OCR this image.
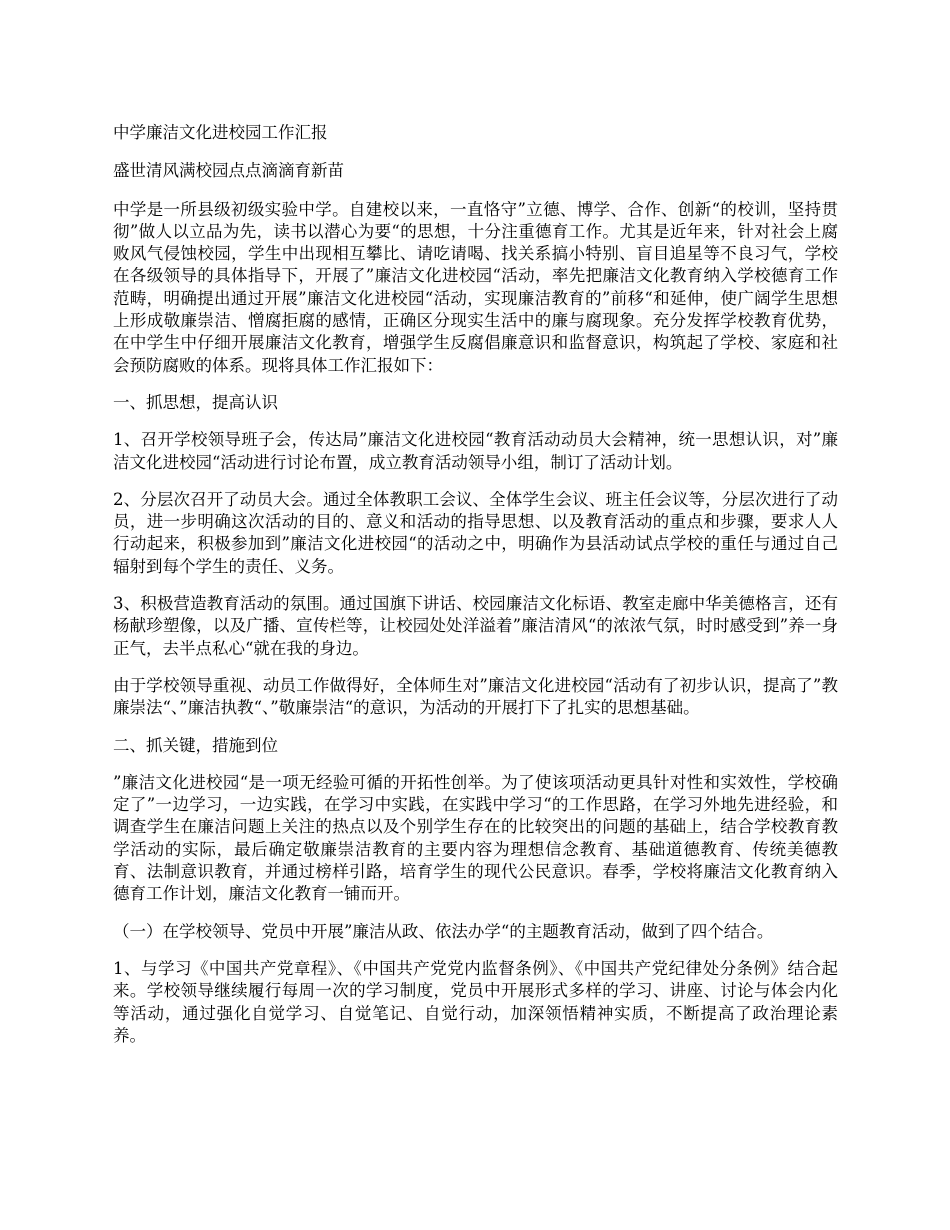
中学廉洁文化进校园工作汇报

盛世清风满校园点点滴滴育新苗

中学是一所县级初级实验中学。自建校以来，一直恪守”立德、博学、合作、创新“的校训，坚持贯彻”做人以立品为先，读书以潜心为要“的思想，十分注重德育工作。尤其是近年来，针对社会上腐败风气侵蚀校园，学生中出现相互攀比、请吃请喝、找关系搞小特别、盲目追星等不良习气，学校在各级领导的具体指导下，开展了”廉洁文化进校园“活动，率先把廉洁文化教育纳入学校德育工作范畴，明确提出通过开展”廉洁文化进校园“活动，实现廉洁教育的”前移“和延伸，使广阔学生思想上形成敬廉崇洁、憎腐拒腐的感情，正确区分现实生活中的廉与腐现象。充分发挥学校教育优势，在中学生中仔细开展廉洁文化教育，增强学生反腐倡廉意识和监督意识，构筑起了学校、家庭和社会预防腐败的体系。现将具体工作汇报如下：

一、抓思想，提高认识

1、召开学校领导班子会，传达局”廉洁文化进校园“教育活动动员大会精神，统一思想认识，对”廉洁文化进校园“活动进行讨论布置，成立教育活动领导小组，制订了活动计划。

2、分层次召开了动员大会。通过全体教职工会议、全体学生会议、班主任会议等，分层次进行了动员，进一步明确这次活动的目的、意义和活动的指导思想、以及教育活动的重点和步骤，要求人人行动起来，积极参加到”廉洁文化进校园“的活动之中，明确作为县活动试点学校的重任与通过自己辐射到每个学生的责任、义务。

3、积极营造教育活动的氛围。通过国旗下讲话、校园廉洁文化标语、教室走廊中华美德格言，还有杨献珍塑像，以及广播、宣传栏等，让校园处处洋溢着”廉洁清风“的浓浓气氛，时时感受到”养一身正气，去半点私心“就在我的身边。

由于学校领导重视、动员工作做得好，全体师生对”廉洁文化进校园“活动有了初步认识，提高了”教廉崇法“、”廉洁执教“、”敬廉崇洁“的意识，为活动的开展打下了扎实的思想基础。

二、抓关键，措施到位

”廉洁文化进校园“是一项无经验可循的开拓性创举。为了使该项活动更具针对性和实效性，学校确定了”一边学习，一边实践，在学习中实践，在实践中学习“的工作思路，在学习外地先进经验，和调查学生在廉洁问题上关注的热点以及个别学生存在的比较突出的问题的基础上，结合学校教育教学活动的实际，最后确定敬廉崇洁教育的主要内容为理想信念教育、基础道德教育、传统美德教育、法制意识教育，并通过榜样引路，培育学生的现代公民意识。春季，学校将廉洁文化教育纳入德育工作计划，廉洁文化教育一铺而开。

（一）在学校领导、党员中开展”廉洁从政、依法办学“的主题教育活动，做到了四个结合。

1、与学习《中国共产党章程》、《中国共产党党内监督条例》、《中国共产党纪律处分条例》结合起来。学校领导继续履行每周一次的学习制度，党员中开展形式多样的学习、讲座、讨论与体会内化等活动，通过强化自觉学习、自觉笔记、自觉行动，加深领悟精神实质，不断提高了政治理论素养。
